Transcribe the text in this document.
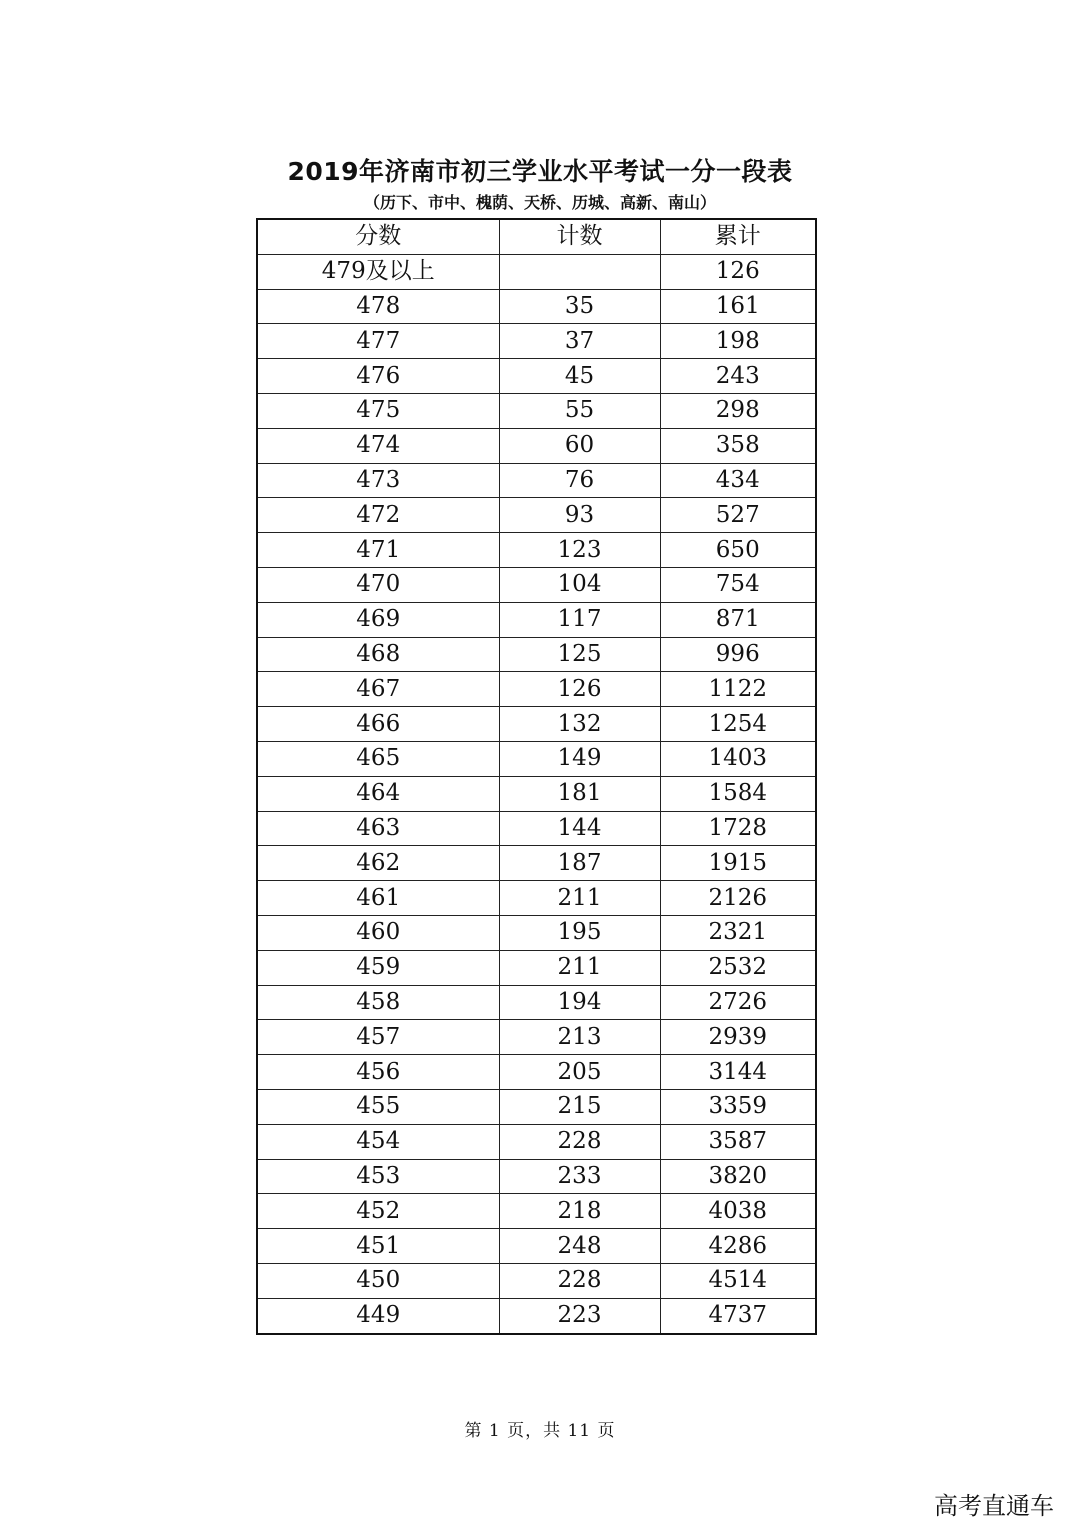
2019年济南市初三学业水平考试一分一段表
（历下、市中、槐荫、天桥、历城、高新、南山）
分数	计数	累计
479及以上		126
478	35	161
477	37	198
476	45	243
475	55	298
474	60	358
473	76	434
472	93	527
471	123	650
470	104	754
469	117	871
468	125	996
467	126	1122
466	132	1254
465	149	1403
464	181	1584
463	144	1728
462	187	1915
461	211	2126
460	195	2321
459	211	2532
458	194	2726
457	213	2939
456	205	3144
455	215	3359
454	228	3587
453	233	3820
452	218	4038
451	248	4286
450	228	4514
449	223	4737
第 1 页，共 11 页
高考直通车
